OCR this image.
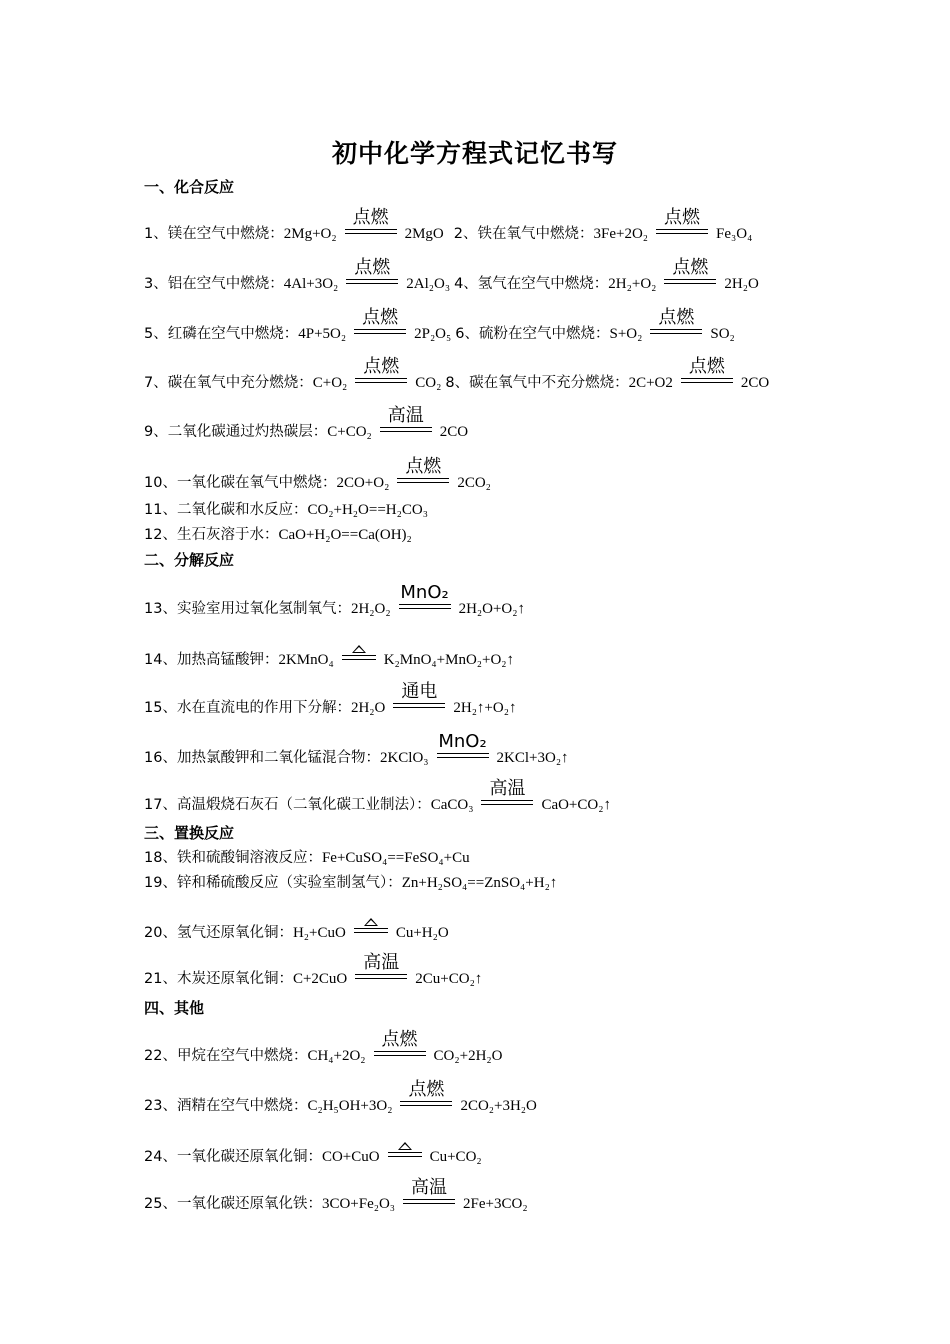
初中化学方程式记忆书写
一、化合反应
1、镁在空气中燃烧：2Mg+O₂
点燃
2MgO 2、铁在氧气中燃烧：3Fe+2O₂
点燃
Fe₃O₄
3、铝在空气中燃烧：4Al+3O₂
点燃
2Al₂O₃ 4、氢气在空气中燃烧：2H₂+O₂
点燃
2H₂O
5、红磷在空气中燃烧：4P+5O₂
点燃
2P₂O₅ 6、硫粉在空气中燃烧：S+O₂
点燃
SO₂
7、碳在氧气中充分燃烧：C+O₂
点燃
CO₂ 8、碳在氧气中不充分燃烧：2C+O2
点燃
2CO
9、二氧化碳通过灼热碳层：C+CO₂
高温
2CO
10、一氧化碳在氧气中燃烧：2CO+O₂
点燃
2CO₂
11、二氧化碳和水反应：CO₂+H₂O==H₂CO₃
12、生石灰溶于水：CaO+H₂O==Ca(OH)₂
二、分解反应
13、实验室用过氧化氢制氧气：2H₂O₂
MnO₂
2H₂O+O₂↑
14、加热高锰酸钾：2KMnO₄	K₂MnO₄+MnO₂+O₂↑
15、水在直流电的作用下分解：2H₂O
通电
2H₂↑+O₂↑
16、加热氯酸钾和二氧化锰混合物：2KClO₃
MnO₂
2KCl+3O₂↑
17、高温煅烧石灰石（二氧化碳工业制法）：CaCO₃
高温
CaO+CO₂↑
三、置换反应
18、铁和硫酸铜溶液反应：Fe+CuSO₄==FeSO₄+Cu
19、锌和稀硫酸反应（实验室制氢气）：Zn+H₂SO₄==ZnSO₄+H₂↑
20、氢气还原氧化铜：H₂+CuO	Cu+H₂O
21、木炭还原氧化铜：C+2CuO
高温
2Cu+CO₂↑
四、其他
22、甲烷在空气中燃烧：CH₄+2O₂
点燃
CO₂+2H₂O
23、酒精在空气中燃烧：C₂H₅OH+3O₂
点燃
2CO₂+3H₂O
24、一氧化碳还原氧化铜：CO+CuO	Cu+CO₂
25、一氧化碳还原氧化铁：3CO+Fe₂O₃
高温
2Fe+3CO₂
